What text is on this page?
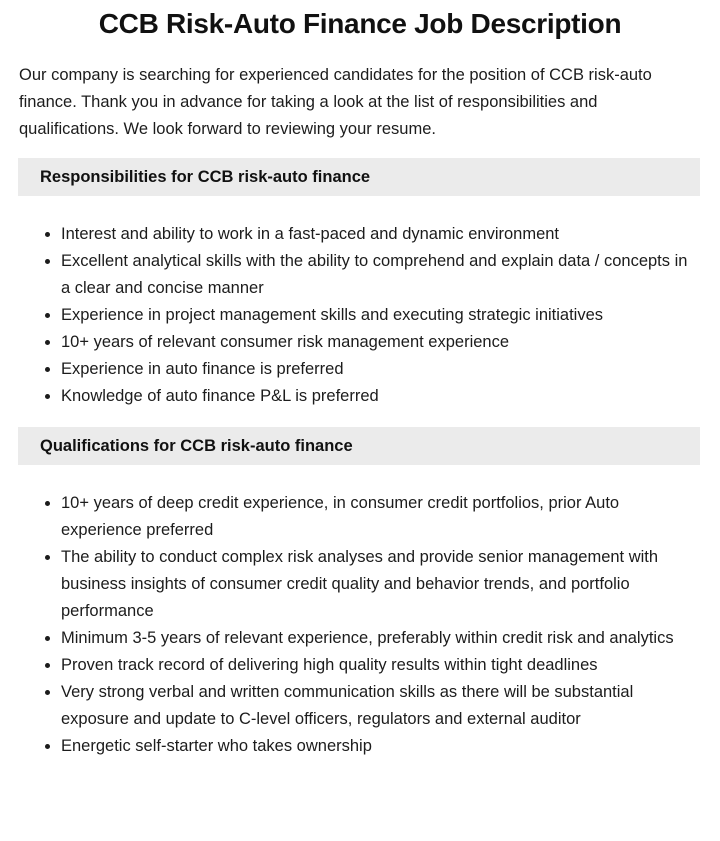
CCB Risk-Auto Finance Job Description

Our company is searching for experienced candidates for the position of CCB risk-auto finance. Thank you in advance for taking a look at the list of responsibilities and qualifications. We look forward to reviewing your resume.

Responsibilities for CCB risk-auto finance
Interest and ability to work in a fast-paced and dynamic environment
Excellent analytical skills with the ability to comprehend and explain data / concepts in a clear and concise manner
Experience in project management skills and executing strategic initiatives
10+ years of relevant consumer risk management experience
Experience in auto finance is preferred
Knowledge of auto finance P&L is preferred
Qualifications for CCB risk-auto finance
10+ years of deep credit experience, in consumer credit portfolios, prior Auto experience preferred
The ability to conduct complex risk analyses and provide senior management with business insights of consumer credit quality and behavior trends, and portfolio performance
Minimum 3-5 years of relevant experience, preferably within credit risk and analytics
Proven track record of delivering high quality results within tight deadlines
Very strong verbal and written communication skills as there will be substantial exposure and update to C-level officers, regulators and external auditor
Energetic self-starter who takes ownership
